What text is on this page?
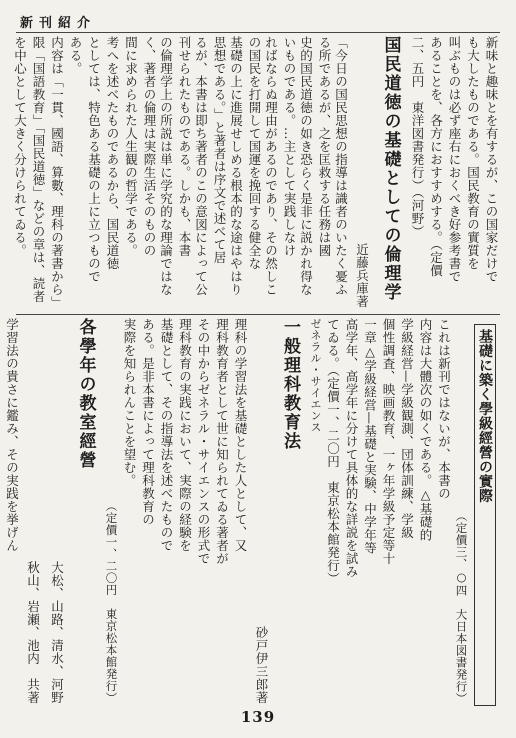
新刊紹介
新味と趣味とを有するが、この国家だけで
も大したものである。国民教育の實質を
叫ぶものは必ず座右におくべき好参考書で
あることを、各方におすすめする。（定價
二、五円　東洋図書発行）（河野）
国民道徳の基礎としての倫理学
近藤兵庫著
「今日の国民思想の指導は識者のいたく憂ふる所であるが、之を匡救する任務は國
史的国民道徳の如き恐らく是非に説かれ得ないものである。…主として実践しなけ
ればならぬ理由があるのであり、その然しこの国民を打開して国運を挽回する健全な
基礎の上に進展せしめる根本的な途はやはり思想である。」と著者は序文で述べて居
るが、本書は即ち著者のこの意図によって公刊せられたものである。しかも、本書
の倫理学上の所説は単に学究的な理論ではなく、著者の倫理は実際生活そのものの
間に求められた人生観の哲学である。
考へを述べたものであるから、国民道徳
としては、特色ある基礎の上に立つもので
ある。
内容は「一貫、國語、算數、理科の著書から」
限「国語教育」「国民道徳」などの章は、読者
を中心として大きく分けられてゐる。
基礎に築く學級經營の實際
（定價三、○四　大日本図書発行）
これは新刊ではないが、本書の
内容は大體次の如くである。△基礎的
学級経営—学級観測、団体訓練、学級
個性調査、映画教育、一ヶ年学級予定等十
一章△学級経営—基礎と実験、中学年等
高学年、高学年に分けて具体的な詳説を試み
てゐる。（定價一、二〇円　東京松本館発行）
ゼネラル・サイエンス
一般理科教育法
砂戸伊三郎著
理科の学習法を基礎とした人として、又
理科教育者として世に知られてゐる著者が
その中からゼネラル・サイエンスの形式で
理科教育の実践において、実際の経験を
基礎として、その指導法を述べたもので
ある。是非本書によって理科教育の
実際を知られんことを望む。
（定價一、二〇円　東京松本館発行）
各學年の教室經營
大松、山路、清水、河野
秋山、岩瀬、池内　共著
学習法の貴さに鑑み、その実践を挙げん
139
